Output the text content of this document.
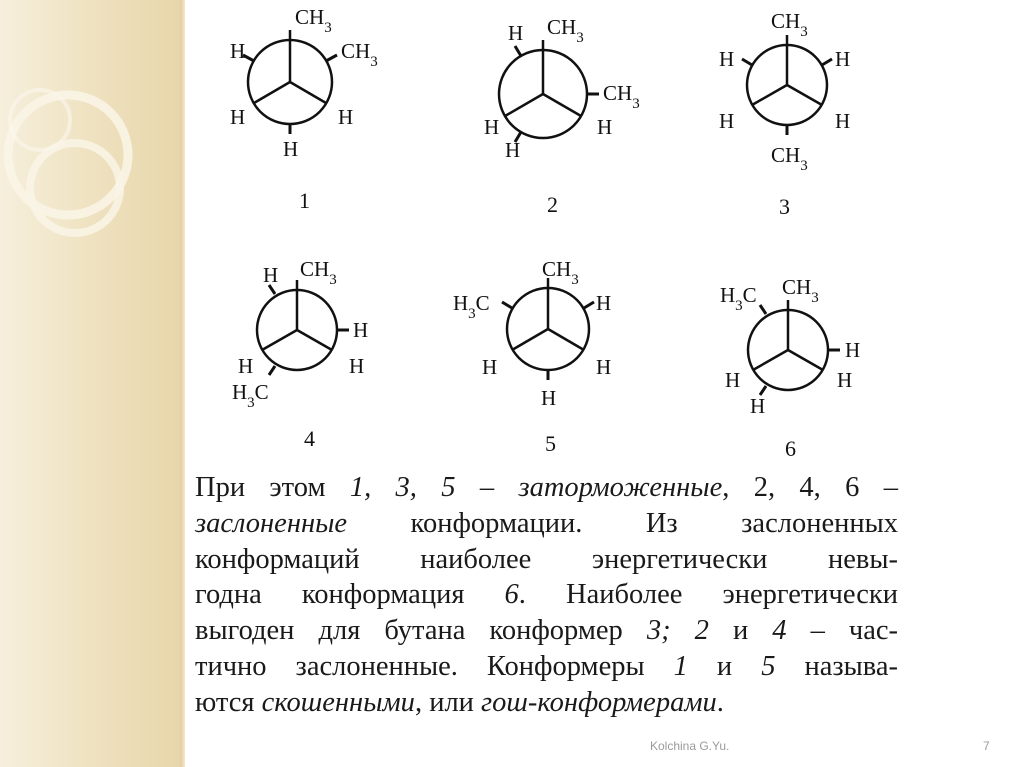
$CH_3$
H	H
$CH_3$
H
H
1
$CH_3$
H	H
H
$CH_3$
H
2
$CH_3$
H	H
H	H
$CH_3$
3
$CH_3$
H	H
H
H
$H_3C$
4
$CH_3$
H	H
$H_3C$	H
H
5
$CH_3$
H	H
$H_3C$
H
H
6
При этом 1, 3, 5 – заторможенные, 2, 4, 6 –
заслоненные конформации. Из заслоненных
конформаций наиболее энергетически невы-
годна конформация 6. Наиболее энергетически
выгоден для бутана конформер 3; 2 и 4 – час-
тично заслоненные. Конформеры 1 и 5 называ-
ются скошенными, или гош-конформерами.
Kolchina G.Yu.	7
